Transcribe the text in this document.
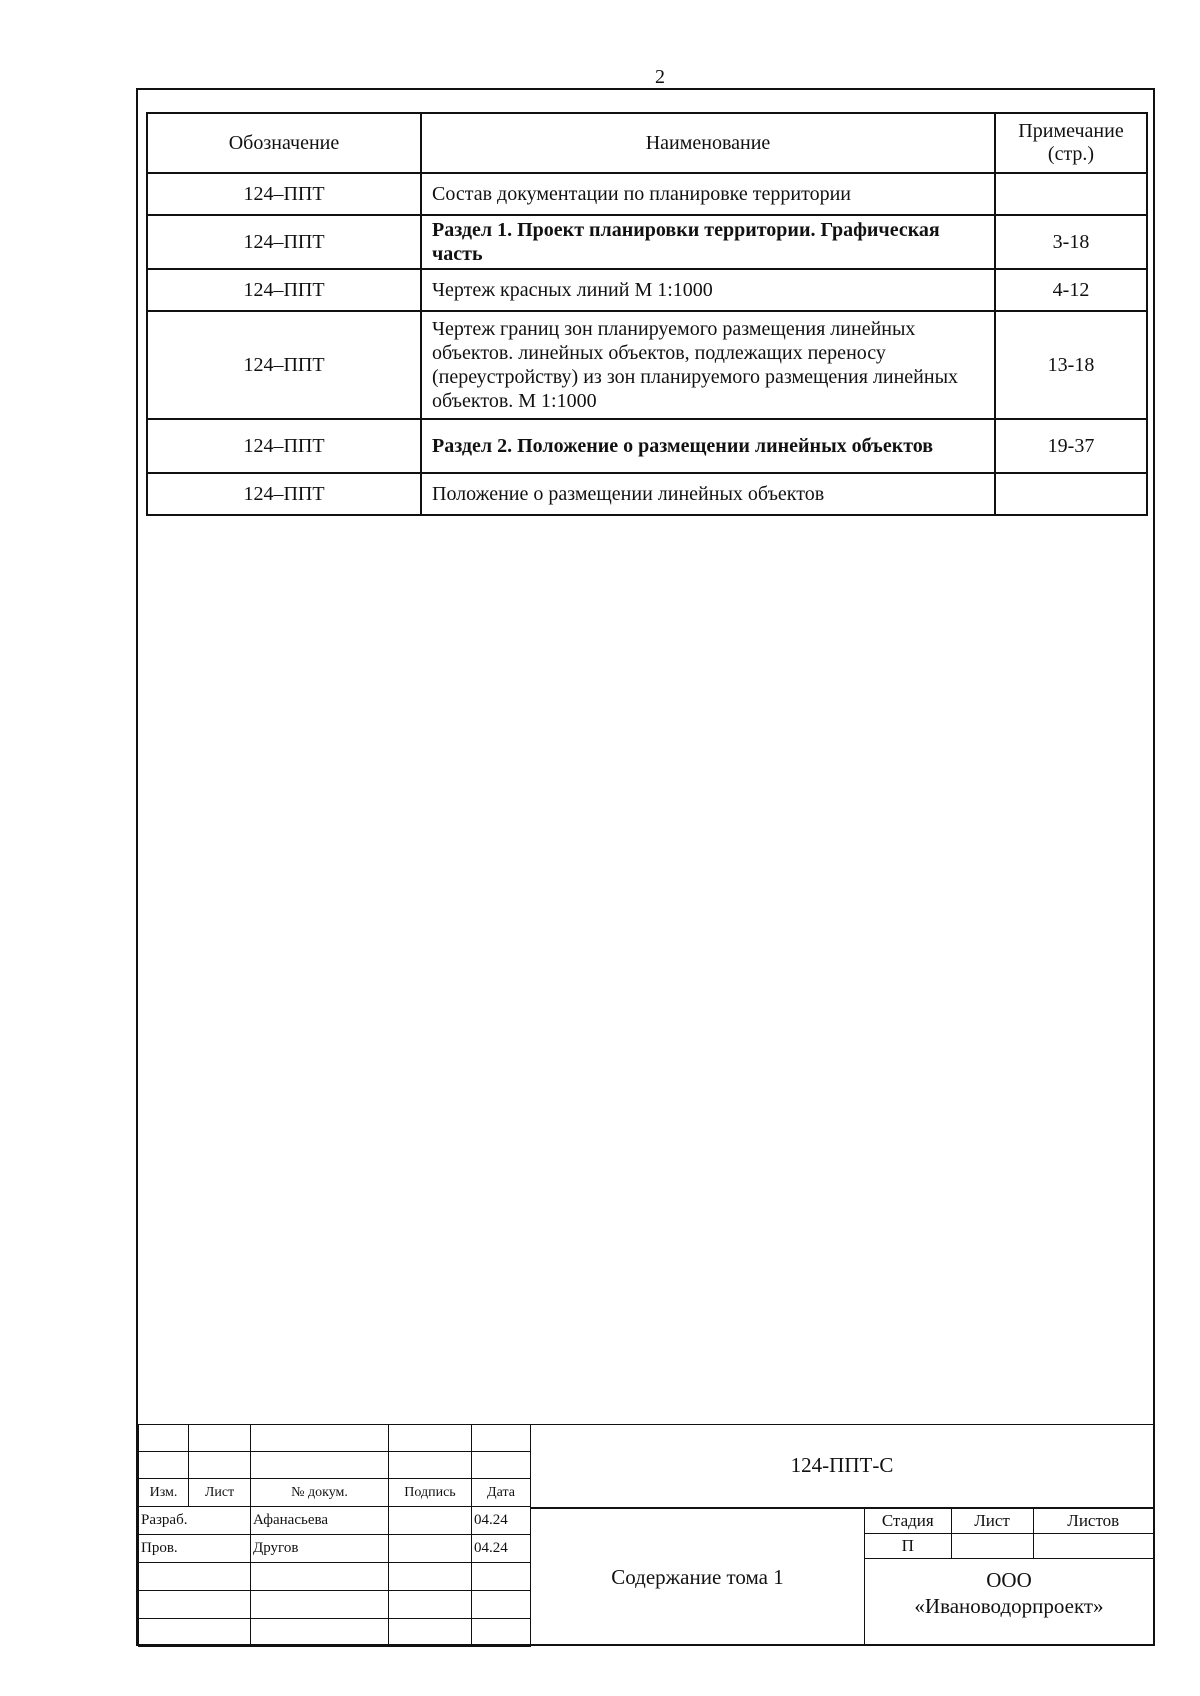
2
Обозначение	Наименование	Примечание
(стр.)
124–ППТ	Состав документации по планировке территории	
124–ППТ	Раздел 1. Проект планировки территории. Графическая часть	3-18
124–ППТ	Чертеж красных линий М 1:1000	4-12
124–ППТ	Чертеж границ зон планируемого размещения линейных объектов. линейных объектов, подлежащих переносу (переустройству) из зон планируемого размещения линейных объектов. М 1:1000	13-18
124–ППТ	Раздел 2. Положение о размещении линейных объектов	19-37
124–ППТ	Положение о размещении линейных объектов	

Изм.	Лист	№ докум.	Подпись	Дата
Разраб.		Афанасьева		04.24
Пров.		Другов		04.24

124-ППТ-С
Содержание тома 1
Стадия	Лист	Листов
П		
ООО
«Ивановодорпроект»
